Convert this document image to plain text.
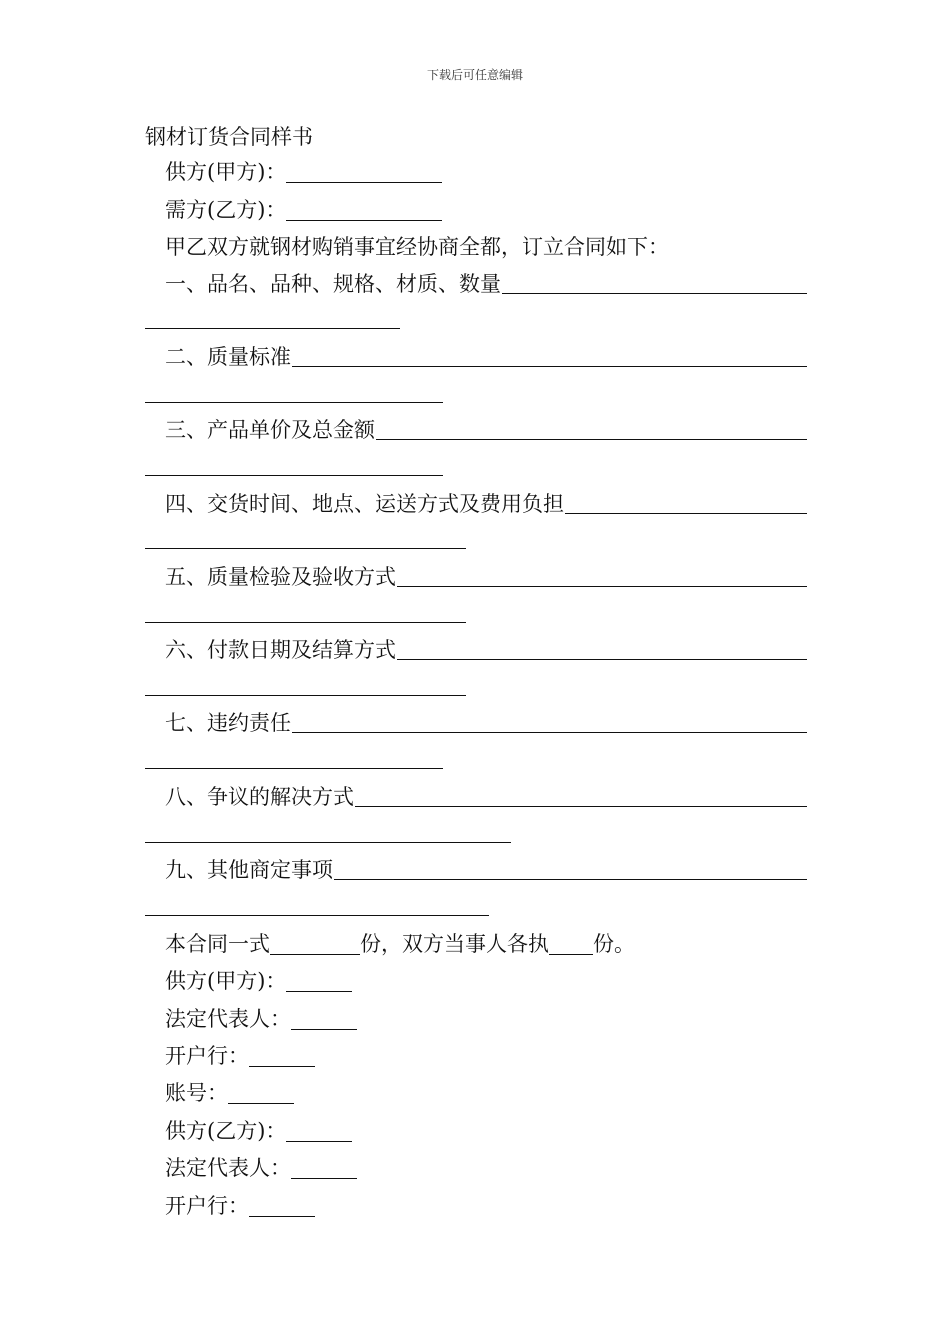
下载后可任意编辑
钢材订货合同样书
供方(甲方)：
需方(乙方)：
甲乙双方就钢材购销事宜经协商全都，订立合同如下：
一、品名、品种、规格、材质、数量
二、质量标准
三、产品单价及总金额
四、交货时间、地点、运送方式及费用负担
五、质量检验及验收方式
六、付款日期及结算方式
七、违约责任
八、争议的解决方式
九、其他商定事项
本合同一式	份，双方当事人各执 份。
供方(甲方)：
法定代表人：
开户行：
账号：
供方(乙方)：
法定代表人：
开户行：
